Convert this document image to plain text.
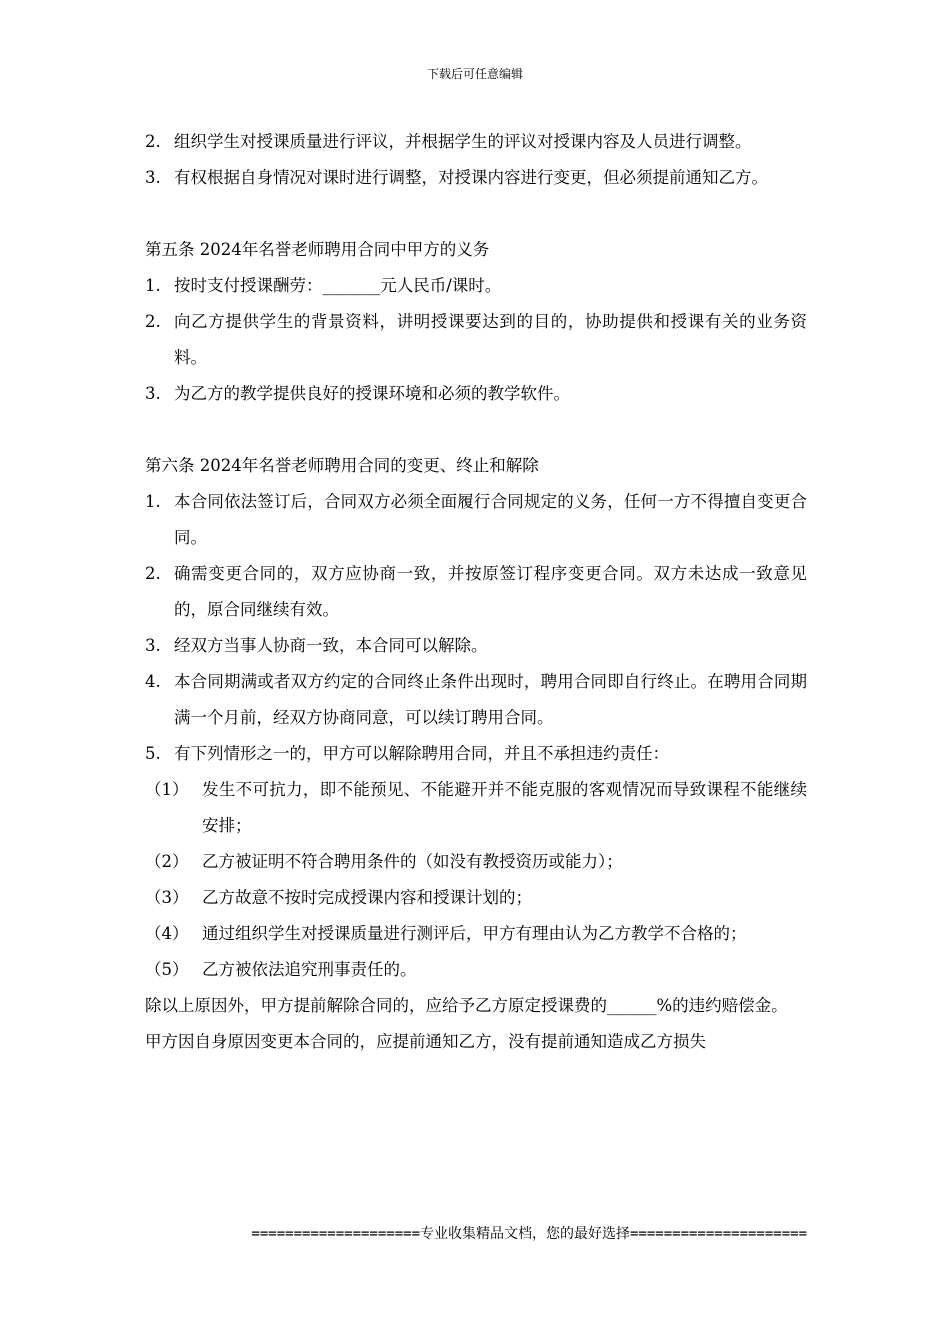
下载后可任意编辑

2. 组织学生对授课质量进行评议，并根据学生的评议对授课内容及人员进行调整。

3. 有权根据自身情况对课时进行调整，对授课内容进行变更，但必须提前通知乙方。

第五条 2024年名誉老师聘用合同中甲方的义务

1. 按时支付授课酬劳：_______元人民币/课时。

2. 向乙方提供学生的背景资料，讲明授课要达到的目的，协助提供和授课有关的业务资料。

3. 为乙方的教学提供良好的授课环境和必须的教学软件。

第六条 2024年名誉老师聘用合同的变更、终止和解除

1. 本合同依法签订后，合同双方必须全面履行合同规定的义务，任何一方不得擅自变更合同。

2. 确需变更合同的，双方应协商一致，并按原签订程序变更合同。双方未达成一致意见的，原合同继续有效。

3. 经双方当事人协商一致，本合同可以解除。

4. 本合同期满或者双方约定的合同终止条件出现时，聘用合同即自行终止。在聘用合同期满一个月前，经双方协商同意，可以续订聘用合同。

5. 有下列情形之一的，甲方可以解除聘用合同，并且不承担违约责任：

（1） 发生不可抗力，即不能预见、不能避开并不能克服的客观情况而导致课程不能继续安排；

（2） 乙方被证明不符合聘用条件的（如没有教授资历或能力）；

（3） 乙方故意不按时完成授课内容和授课计划的；

（4） 通过组织学生对授课质量进行测评后，甲方有理由认为乙方教学不合格的；

（5） 乙方被依法追究刑事责任的。

除以上原因外，甲方提前解除合同的，应给予乙方原定授课费的______%的违约赔偿金。

甲方因自身原因变更本合同的，应提前通知乙方，没有提前通知造成乙方损失

====================专业收集精品文档，您的最好选择=====================
